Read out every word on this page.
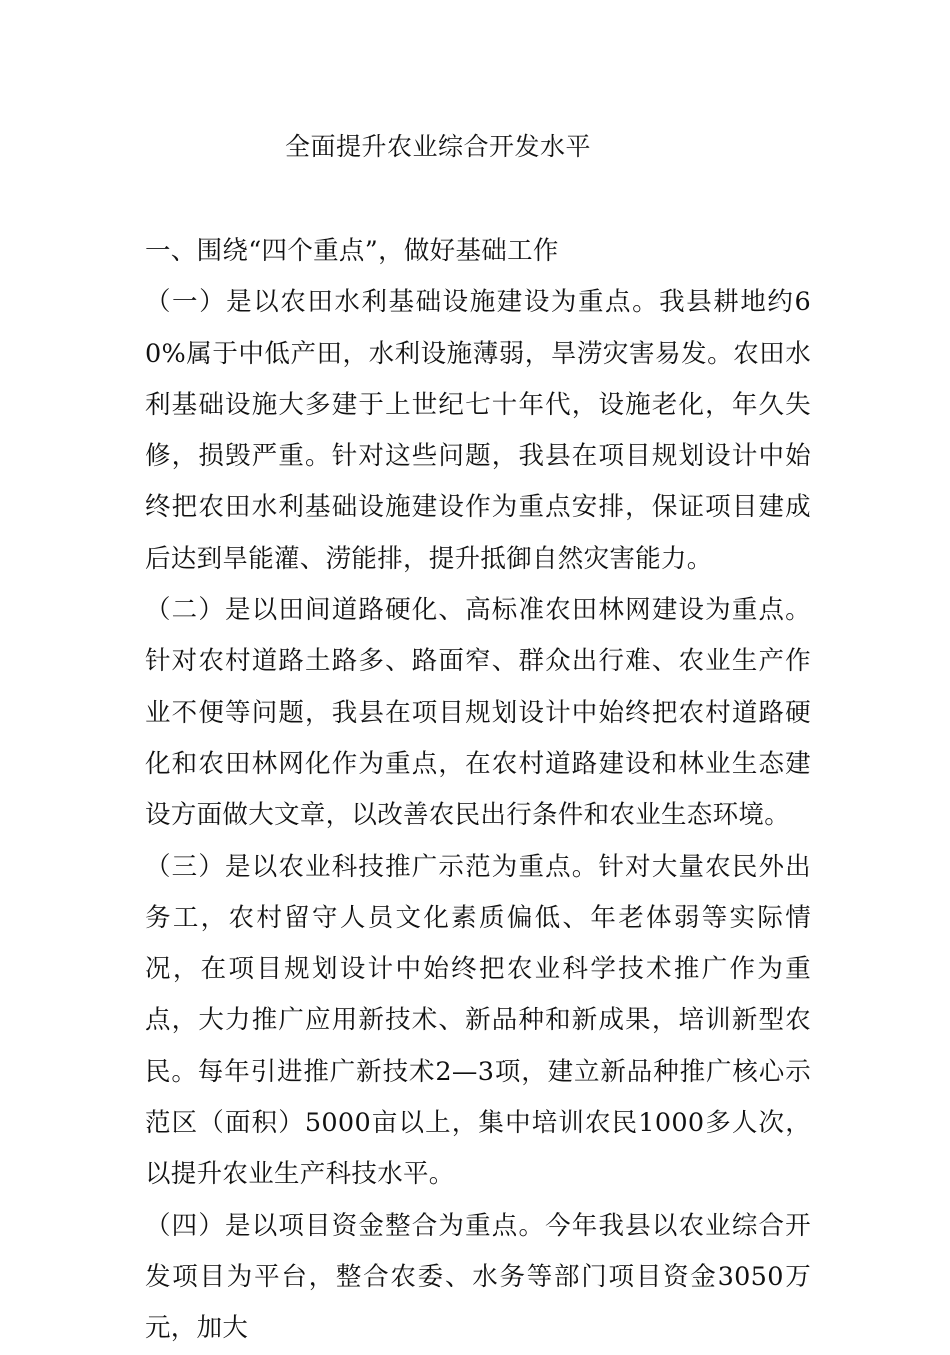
全面提升农业综合开发水平
一、围绕“四个重点”，做好基础工作

（一）是以农田水利基础设施建设为重点。我县耕地约60%属于中低产田，水利设施薄弱，旱涝灾害易发。农田水利基础设施大多建于上世纪七十年代，设施老化，年久失修，损毁严重。针对这些问题，我县在项目规划设计中始终把农田水利基础设施建设作为重点安排，保证项目建成后达到旱能灌、涝能排，提升抵御自然灾害能力。

（二）是以田间道路硬化、高标准农田林网建设为重点。针对农村道路土路多、路面窄、群众出行难、农业生产作业不便等问题，我县在项目规划设计中始终把农村道路硬化和农田林网化作为重点，在农村道路建设和林业生态建设方面做大文章，以改善农民出行条件和农业生态环境。

（三）是以农业科技推广示范为重点。针对大量农民外出务工，农村留守人员文化素质偏低、年老体弱等实际情况，在项目规划设计中始终把农业科学技术推广作为重点，大力推广应用新技术、新品种和新成果，培训新型农民。每年引进推广新技术2—3项，建立新品种推广核心示范区（面积）5000亩以上，集中培训农民1000多人次，以提升农业生产科技水平。

（四）是以项目资金整合为重点。今年我县以农业综合开发项目为平台，整合农委、水务等部门项目资金3050万元，加大
